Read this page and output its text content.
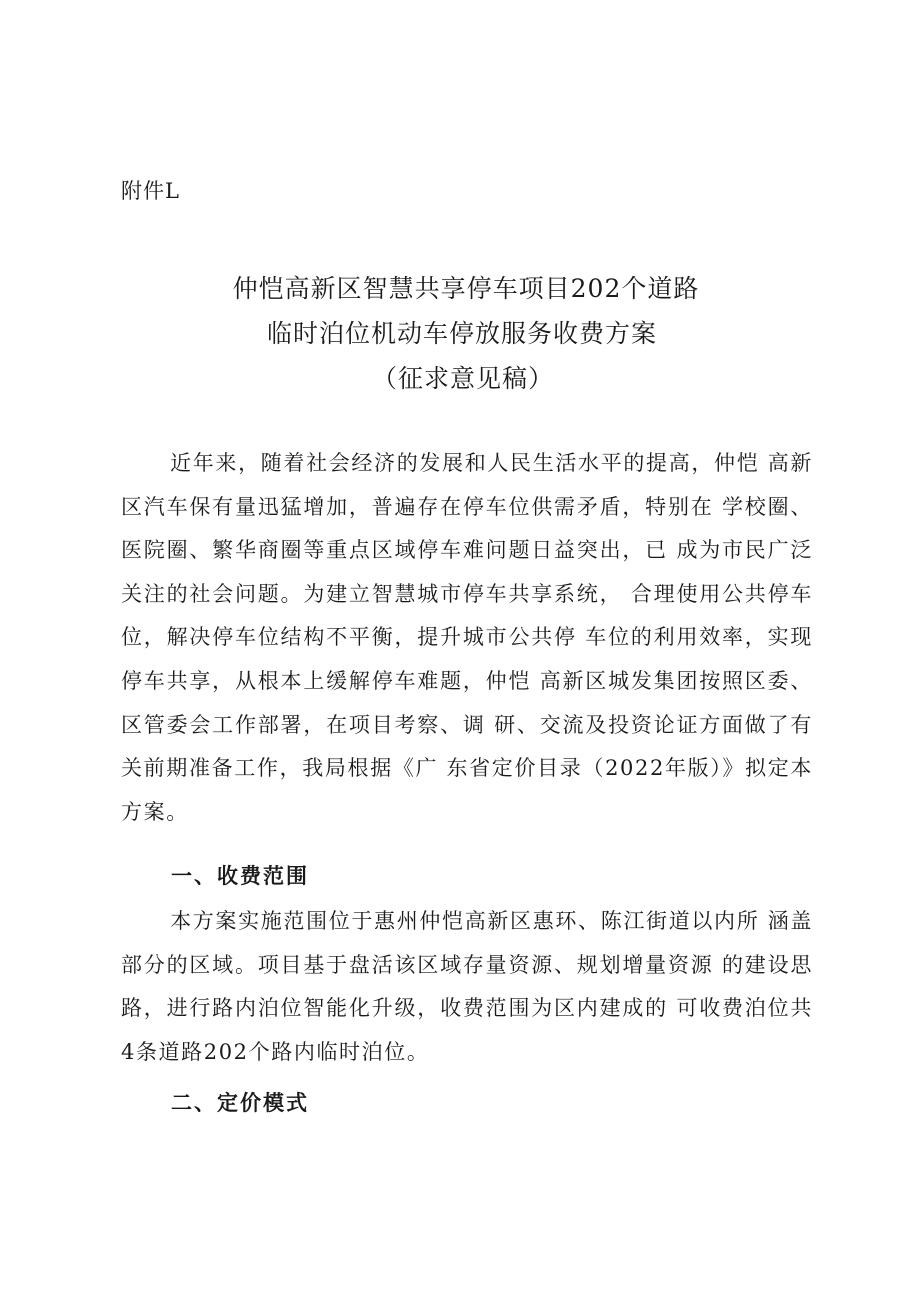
附件L
仲恺高新区智慧共享停车项目202个道路
临时泊位机动车停放服务收费方案
（征求意见稿）
近年来，随着社会经济的发展和人民生活水平的提高，仲恺 高新区汽车保有量迅猛增加，普遍存在停车位供需矛盾，特别在 学校圈、医院圈、繁华商圈等重点区域停车难问题日益突出，已 成为市民广泛关注的社会问题。为建立智慧城市停车共享系统， 合理使用公共停车位，解决停车位结构不平衡，提升城市公共停 车位的利用效率，实现停车共享，从根本上缓解停车难题，仲恺 高新区城发集团按照区委、区管委会工作部署，在项目考察、调 研、交流及投资论证方面做了有关前期准备工作，我局根据《广 东省定价目录（2022年版）》拟定本方案。
一、收费范围
本方案实施范围位于惠州仲恺高新区惠环、陈江街道以内所 涵盖部分的区域。项目基于盘活该区域存量资源、规划增量资源 的建设思路，进行路内泊位智能化升级，收费范围为区内建成的 可收费泊位共4条道路202个路内临时泊位。
二、定价模式
